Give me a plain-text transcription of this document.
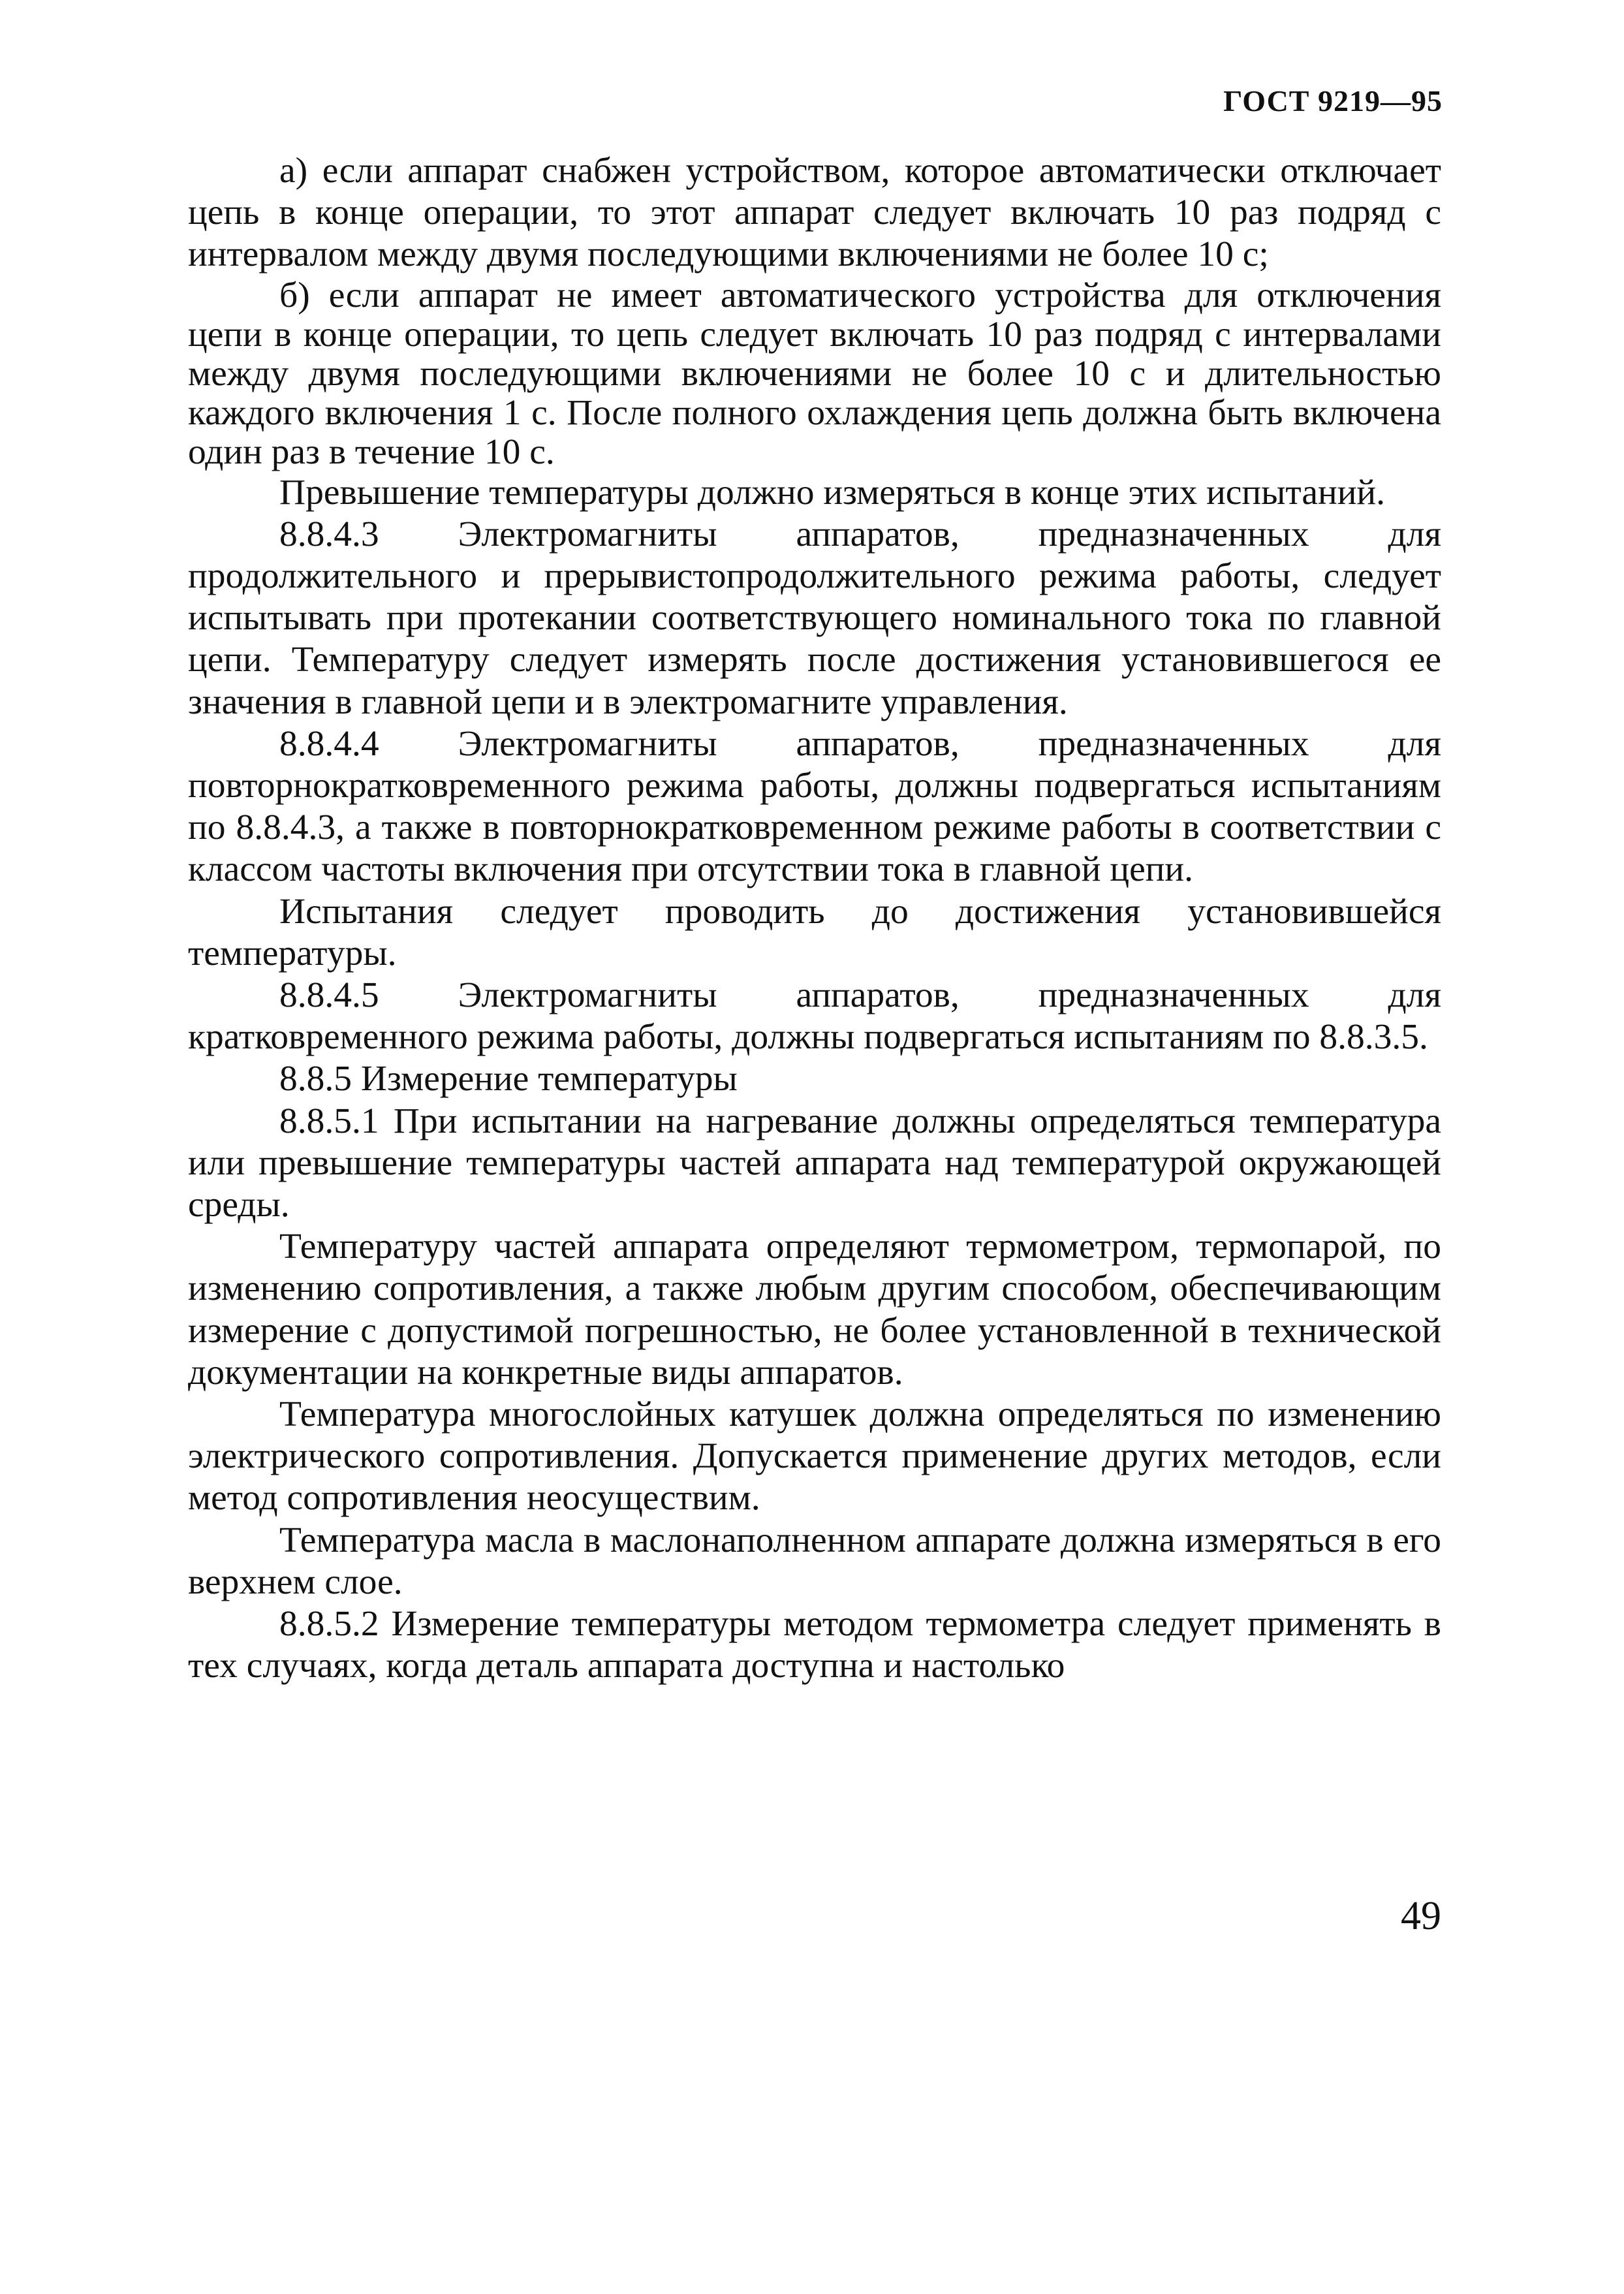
ГОСТ 9219—95

а) если аппарат снабжен устройством, которое автоматически отключает цепь в конце операции, то этот аппарат следует включать 10 раз подряд с интервалом между двумя последующими включениями не более 10 с;

б) если аппарат не имеет автоматического устройства для отключения цепи в конце операции, то цепь следует включать 10 раз подряд с интервалами между двумя последующими включениями не более 10 с и длительностью каждого включения 1 с. После полного охлаждения цепь должна быть включена один раз в течение 10 с.

Превышение температуры должно измеряться в конце этих испытаний.

8.8.4.3 Электромагниты аппаратов, предназначенных для продолжительного и прерывистопродолжительного режима работы, следует испытывать при протекании соответствующего номинального тока по главной цепи. Температуру следует измерять после достижения установившегося ее значения в главной цепи и в электромагните управления.

8.8.4.4 Электромагниты аппаратов, предназначенных для повторнократковременного режима работы, должны подвергаться испытаниям по 8.8.4.3, а также в повторнократковременном режиме работы в соответствии с классом частоты включения при отсутствии тока в главной цепи.

Испытания следует проводить до достижения установившейся температуры.

8.8.4.5 Электромагниты аппаратов, предназначенных для кратковременного режима работы, должны подвергаться испытаниям по 8.8.3.5.

8.8.5 Измерение температуры

8.8.5.1 При испытании на нагревание должны определяться температура или превышение температуры частей аппарата над температурой окружающей среды.

Температуру частей аппарата определяют термометром, термопарой, по изменению сопротивления, а также любым другим способом, обеспечивающим измерение с допустимой погрешностью, не более установленной в технической документации на конкретные виды аппаратов.

Температура многослойных катушек должна определяться по изменению электрического сопротивления. Допускается применение других методов, если метод сопротивления неосуществим.

Температура масла в маслонаполненном аппарате должна измеряться в его верхнем слое.

8.8.5.2 Измерение температуры методом термометра следует применять в тех случаях, когда деталь аппарата доступна и настолько

49
